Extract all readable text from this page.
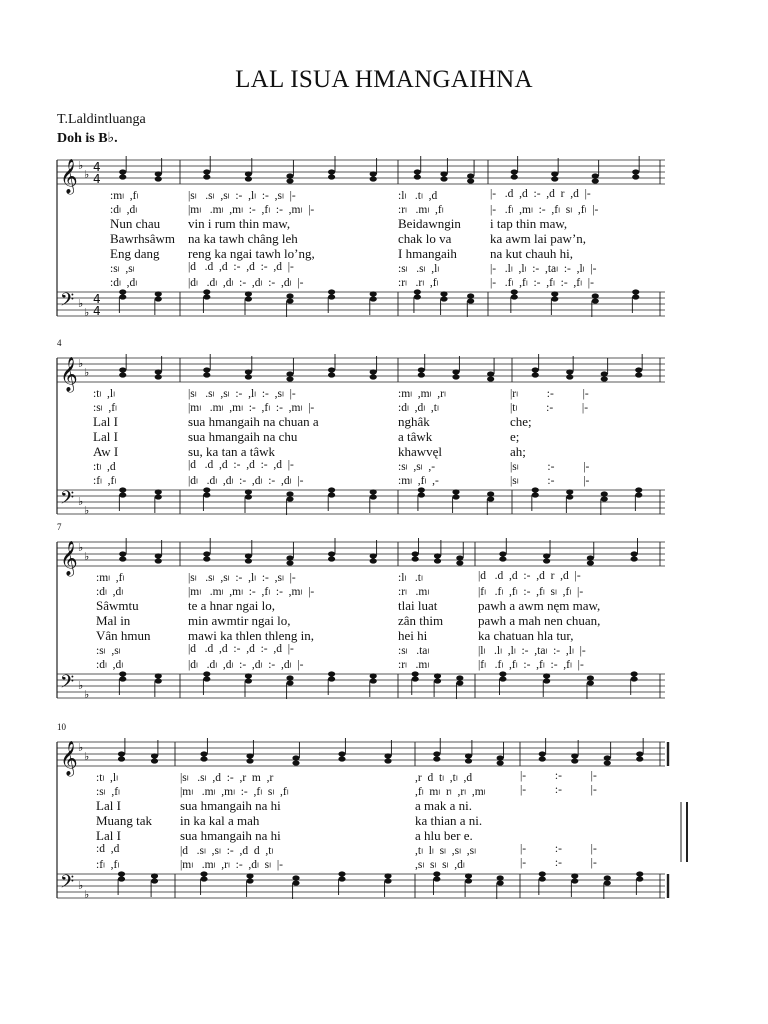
LAL ISUA HMANGAIHNA
T.Laldintluanga
Doh is B♭.
𝄞
𝄢
♭
♭
♭
♭
4
4
4
4
:mₗ  ,fₗ	|sₗ   .sₗ  ,sₗ  :-  ,lₗ  :-  ,sₗ  |-	:lₗ   .tₗ  ,d	|-   .d  ,d  :-  ,d  r  ,d  |-
:dₗ  ,dₗ	|mₗ   .mₗ  ,mₗ  :-  ,fₗ  :-  ,mₗ  |-	:rₗ   .mₗ  ,fₗ	|-   .fₗ  ,mₗ  :-  ,fₗ  sₗ  ,fₗ  |-
Nun chau vin i rum thin maw,	Beidawngin i tap thin maw,
Bawrhsâwm na ka tawh châng leh	chak lo va	ka awm lai paw’n,
Eng dang reng ka ngai tawh lo’ng,	I hmangaih	na kut chauh hi,
:sₗ  ,sₗ	|d   .d  ,d  :-  ,d  :-  ,d  |-	:sₗ   .sₗ  ,lₗ	|-   .lₗ  ,lₗ  :-  ,taₗ  :-  ,lₗ  |-
:dₗ  ,dₗ	|dₗ   .dₗ  ,dₗ  :-  ,dₗ  :-  ,dₗ  |-	:rₗ   .rₗ  ,fₗ	|-   .fₗ  ,fₗ  :-  ,fₗ  :-  ,fₗ  |-
𝄞
𝄢
♭
♭
♭
♭
4
:tₗ  ,lₗ	|sₗ   .sₗ  ,sₗ  :-  ,lₗ  :-  ,sₗ  |-	:mₗ  ,mₗ  ,rₗ	|rₗ          :-          |-
:sₗ  ,fₗ	|mₗ   .mₗ  ,mₗ  :-  ,fₗ  :-  ,mₗ  |-	:dₗ  ,dₗ  ,tₗ	|tₗ          :-          |-
Lal I	sua hmangaih na chuan a	nghâk	che;
Lal I	sua hmangaih na chu	a tâwk	e;
Aw I	su, ka tan a tâwk	khawvęl	ah;
:tₗ  ,d	|d   .d  ,d  :-  ,d  :-  ,d  |-	:sₗ  ,sₗ  ,-	|sₗ          :-          |-
:fₗ  ,fₗ	|dₗ   .dₗ  ,dₗ  :-  ,dₗ  :-  ,dₗ  |-	:mₗ  ,fₗ  ,-	|sₗ          :-          |-
𝄞
𝄢
♭
♭
♭
♭
7
:mₗ  ,fₗ	|sₗ   .sₗ  ,sₗ  :-  ,lₗ  :-  ,sₗ  |-	:lₗ   .tₗ	|d   .d  ,d  :-  ,d  r  ,d  |-
:dₗ  ,dₗ	|mₗ   .mₗ  ,mₗ  :-  ,fₗ  :-  ,mₗ  |-	:rₗ   .mₗ	|fₗ   .fₗ  ,fₗ  :-  ,fₗ  sₗ  ,fₗ  |-
Sâwmtu	te a hnar ngai lo,	tlai luat	pawh a awm nęm maw,
Mal in	min awmtir ngai lo,	zân thim	pawh a mah nen chuan,
Vân hmun	mawi ka thlen thleng in,	hei hi	ka chatuan hla tur,
:sₗ  ,sₗ	|d   .d  ,d  :-  ,d  :-  ,d  |-	:sₗ   .taₗ	|lₗ   .lₗ  ,lₗ  :-  ,taₗ  :-  ,lₗ  |-
:dₗ  ,dₗ	|dₗ   .dₗ  ,dₗ  :-  ,dₗ  :-  ,dₗ  |-	:rₗ   .mₗ	|fₗ   .fₗ  ,fₗ  :-  ,fₗ  :-  ,fₗ  |-
𝄞
𝄢
♭
♭
♭
♭
10
:tₗ  ,lₗ	|sₗ   .sₗ  ,d  :-  ,r  m  ,r	,r  d  tₗ  ,tₗ  ,d	|-          :-          |-
:sₗ  ,fₗ	|mₗ   .mₗ  ,mₗ  :-  ,fₗ  sₗ  ,fₗ	,fₗ  mₗ  rₗ  ,rₗ  ,mₗ	|-          :-          |-
Lal I	sua hmangaih na hi	a mak a ni.
Muang tak in ka kal a mah	ka thian a ni.
Lal I	sua hmangaih na hi	a hlu ber e.
:d  ,d	|d   .sₗ  ,sₗ  :-  ,d  d  ,tₗ	,tₗ  lₗ  sₗ  ,sₗ  ,sₗ	|-          :-          |-
:fₗ  ,fₗ	|mₗ   .mₗ  ,rₗ  :-  ,dₗ  sₗ  |-	,sₗ  sₗ  sₗ  ,dₗ	|-          :-          |-
